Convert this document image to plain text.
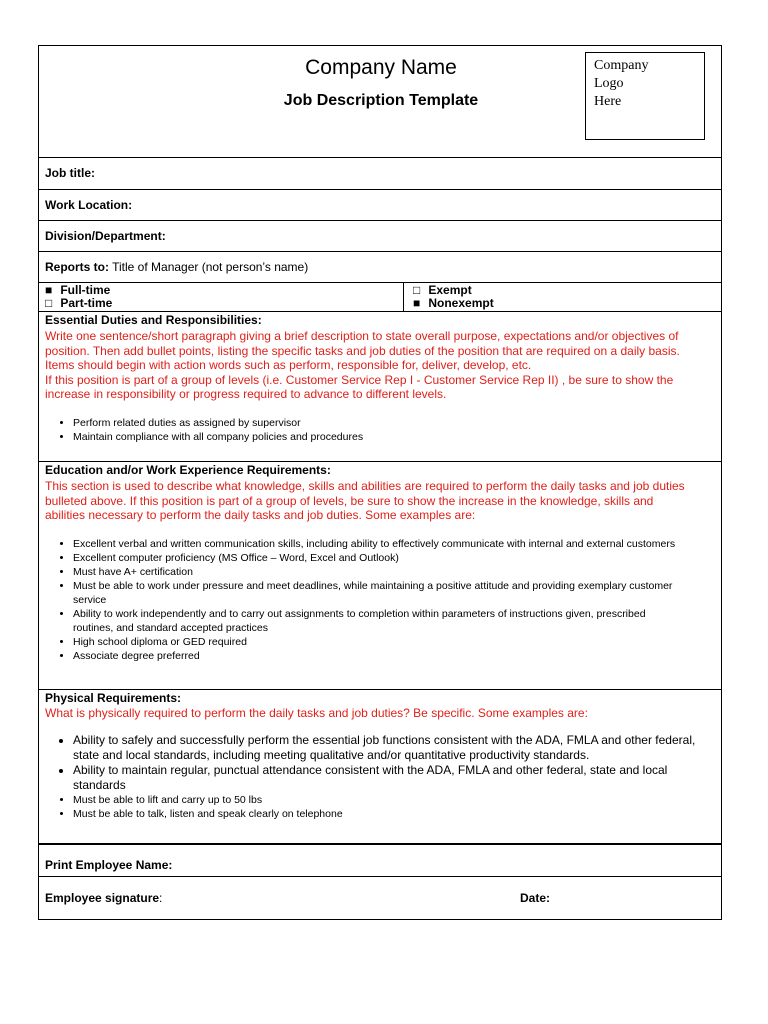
Company Name
Job Description Template
Company
Logo
Here
Job title:
Work Location:
Division/Department:
Reports to: Title of Manager (not person’s name)
■ Full-time
□ Part-time
□ Exempt
■ Nonexempt
Essential Duties and Responsibilities:
Write one sentence/short paragraph giving a brief description to state overall purpose, expectations and/or objectives of
position. Then add bullet points, listing the specific tasks and job duties of the position that are required on a daily basis.
Items should begin with action words such as perform, responsible for, deliver, develop, etc.
If this position is part of a group of levels (i.e. Customer Service Rep I - Customer Service Rep II) , be sure to show the
increase in responsibility or progress required to advance to different levels.
• Perform related duties as assigned by supervisor
• Maintain compliance with all company policies and procedures
Education and/or Work Experience Requirements:
This section is used to describe what knowledge, skills and abilities are required to perform the daily tasks and job duties
bulleted above. If this position is part of a group of levels, be sure to show the increase in the knowledge, skills and
abilities necessary to perform the daily tasks and job duties. Some examples are:
• Excellent verbal and written communication skills, including ability to effectively communicate with internal and external customers
• Excellent computer proficiency (MS Office – Word, Excel and Outlook)
• Must have A+ certification
• Must be able to work under pressure and meet deadlines, while maintaining a positive attitude and providing exemplary customer service
• Ability to work independently and to carry out assignments to completion within parameters of instructions given, prescribed routines, and standard accepted practices
• High school diploma or GED required
• Associate degree preferred
Physical Requirements:
What is physically required to perform the daily tasks and job duties? Be specific. Some examples are:
• Ability to safely and successfully perform the essential job functions consistent with the ADA, FMLA and other federal, state and local standards, including meeting qualitative and/or quantitative productivity standards.
• Ability to maintain regular, punctual attendance consistent with the ADA, FMLA and other federal, state and local standards
• Must be able to lift and carry up to 50 lbs
• Must be able to talk, listen and speak clearly on telephone
Print Employee Name:
Employee signature:	Date:
